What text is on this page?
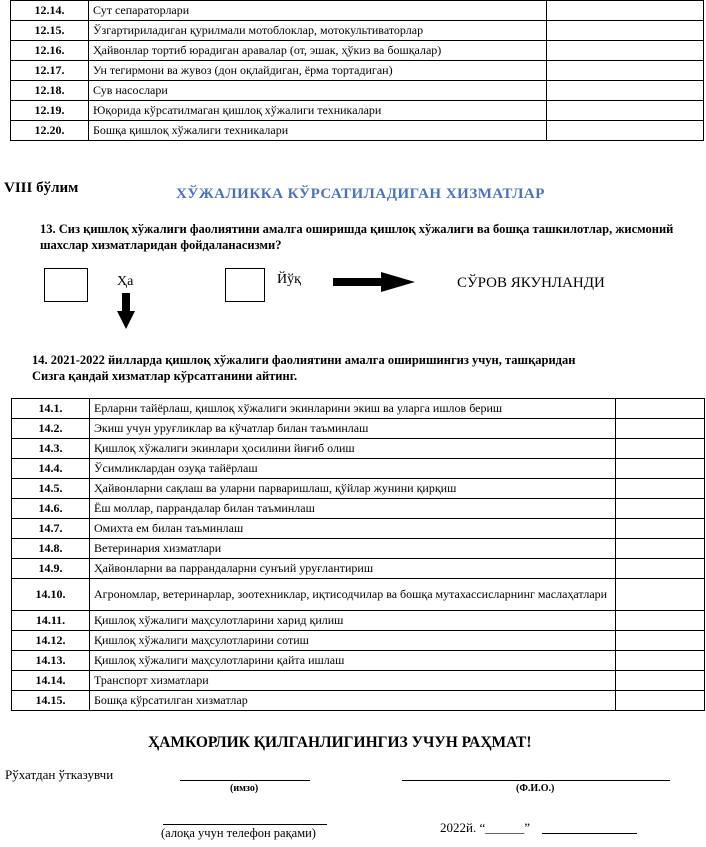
12.14.	Сут сепараторлари	
12.15.	Ўзгартириладиган қурилмали мотоблоклар, мотокультиваторлар	
12.16.	Ҳайвонлар тортиб юрадиган аравалар (от, эшак, ҳўкиз ва бошқалар)	
12.17.	Ун тегирмони ва жувоз (дон оқлайдиган, ёрма тортадиган)	
12.18.	Сув насослари	
12.19.	Юқорида кўрсатилмаган қишлоқ хўжалиги техникалари	
12.20.	Бошқа қишлоқ хўжалиги техникалари	
VIII бўлим	ХЎЖАЛИККА КЎРСАТИЛАДИГАН ХИЗМАТЛАР
13. Сиз қишлоқ хўжалиги фаолиятини амалга оширишда қишлоқ хўжалиги ва бошқа ташкилотлар, жисмоний шахслар хизматларидан фойдаланасизми?
Ҳа	Йўқ	СЎРОВ ЯКУНЛАНДИ
14. 2021-2022 йилларда қишлоқ хўжалиги фаолиятини амалга оширишингиз учун, ташқаридан Сизга қандай хизматлар кўрсатганини айтинг.
14.1.	Ерларни тайёрлаш, қишлоқ хўжалиги экинларини экиш ва уларга ишлов бериш	
14.2.	Экиш учун уруғликлар ва кўчатлар билан таъминлаш	
14.3.	Қишлоқ хўжалиги экинлари ҳосилини йиғиб олиш	
14.4.	Ўсимликлардан озуқа тайёрлаш	
14.5.	Ҳайвонларни сақлаш ва уларни парваришлаш, қўйлар жунини қирқиш	
14.6.	Ёш моллар, паррандалар билан таъминлаш	
14.7.	Омихта ем билан таъминлаш	
14.8.	Ветеринария хизматлари	
14.9.	Ҳайвонларни ва паррандаларни сунъий уруғлантириш	
14.10.	Агрономлар, ветеринарлар, зоотехниклар, иқтисодчилар ва бошқа мутахассисларнинг маслаҳатлари	
14.11.	Қишлоқ хўжалиги маҳсулотларини харид қилиш	
14.12.	Қишлоқ хўжалиги маҳсулотларини сотиш	
14.13.	Қишлоқ хўжалиги маҳсулотларини қайта ишлаш	
14.14.	Транспорт хизматлари	
14.15.	Бошқа кўрсатилган хизматлар	
ҲАМКОРЛИК ҚИЛГАНЛИГИНГИЗ УЧУН РАҲМАТ!
Рўхатдан ўтказувчи
(имзо)	(Ф.И.О.)
(алоқа учун телефон рақами)	2022й. “______”
